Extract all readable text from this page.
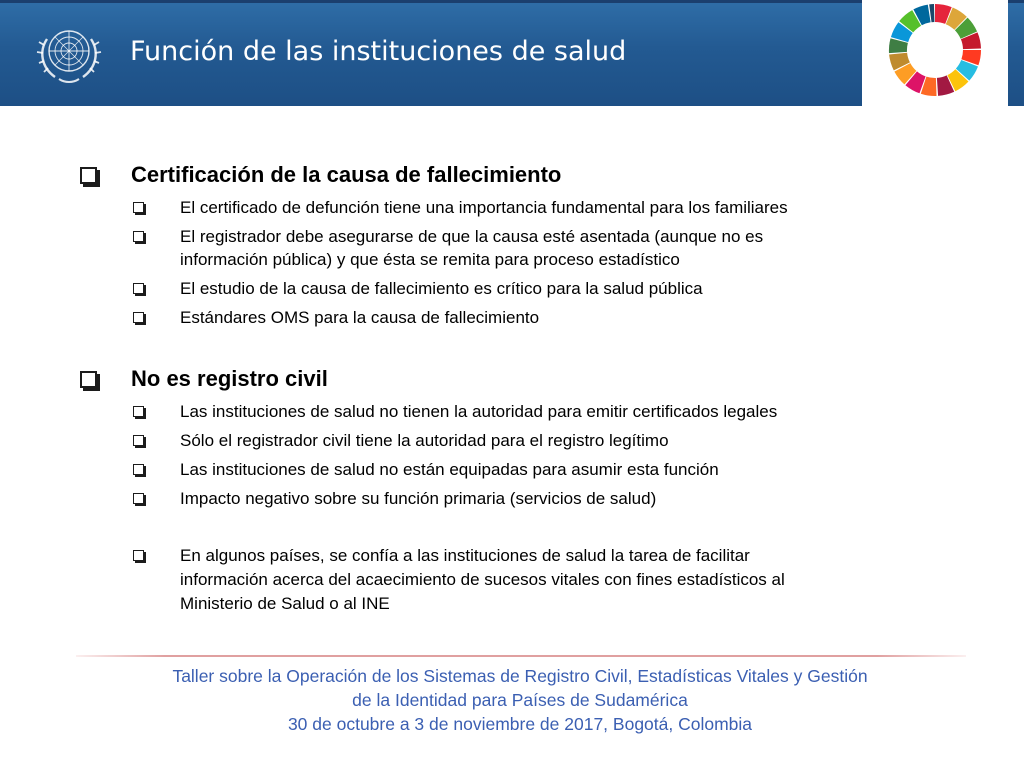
Función de las instituciones de salud
Certificación de la causa de fallecimiento
El certificado de defunción tiene una importancia fundamental para los familiares
El registrador debe asegurarse de que la causa esté asentada (aunque no es
información pública) y que ésta se remita para proceso estadístico
El estudio de la causa de fallecimiento es crítico para la salud pública
Estándares OMS para la causa de fallecimiento
No es registro civil
Las instituciones de salud no tienen la autoridad para emitir certificados legales
Sólo el registrador civil tiene la autoridad para el registro legítimo
Las instituciones de salud no están equipadas para asumir esta función
Impacto negativo sobre su función primaria (servicios de salud)
En algunos países, se confía a las instituciones de salud la tarea de facilitar
información acerca del acaecimiento de sucesos vitales con fines estadísticos al
Ministerio de Salud o al INE
Taller sobre la Operación de los Sistemas de Registro Civil, Estadísticas Vitales y Gestión
de la Identidad para Países de Sudamérica
30 de octubre a 3 de noviembre de 2017, Bogotá, Colombia
